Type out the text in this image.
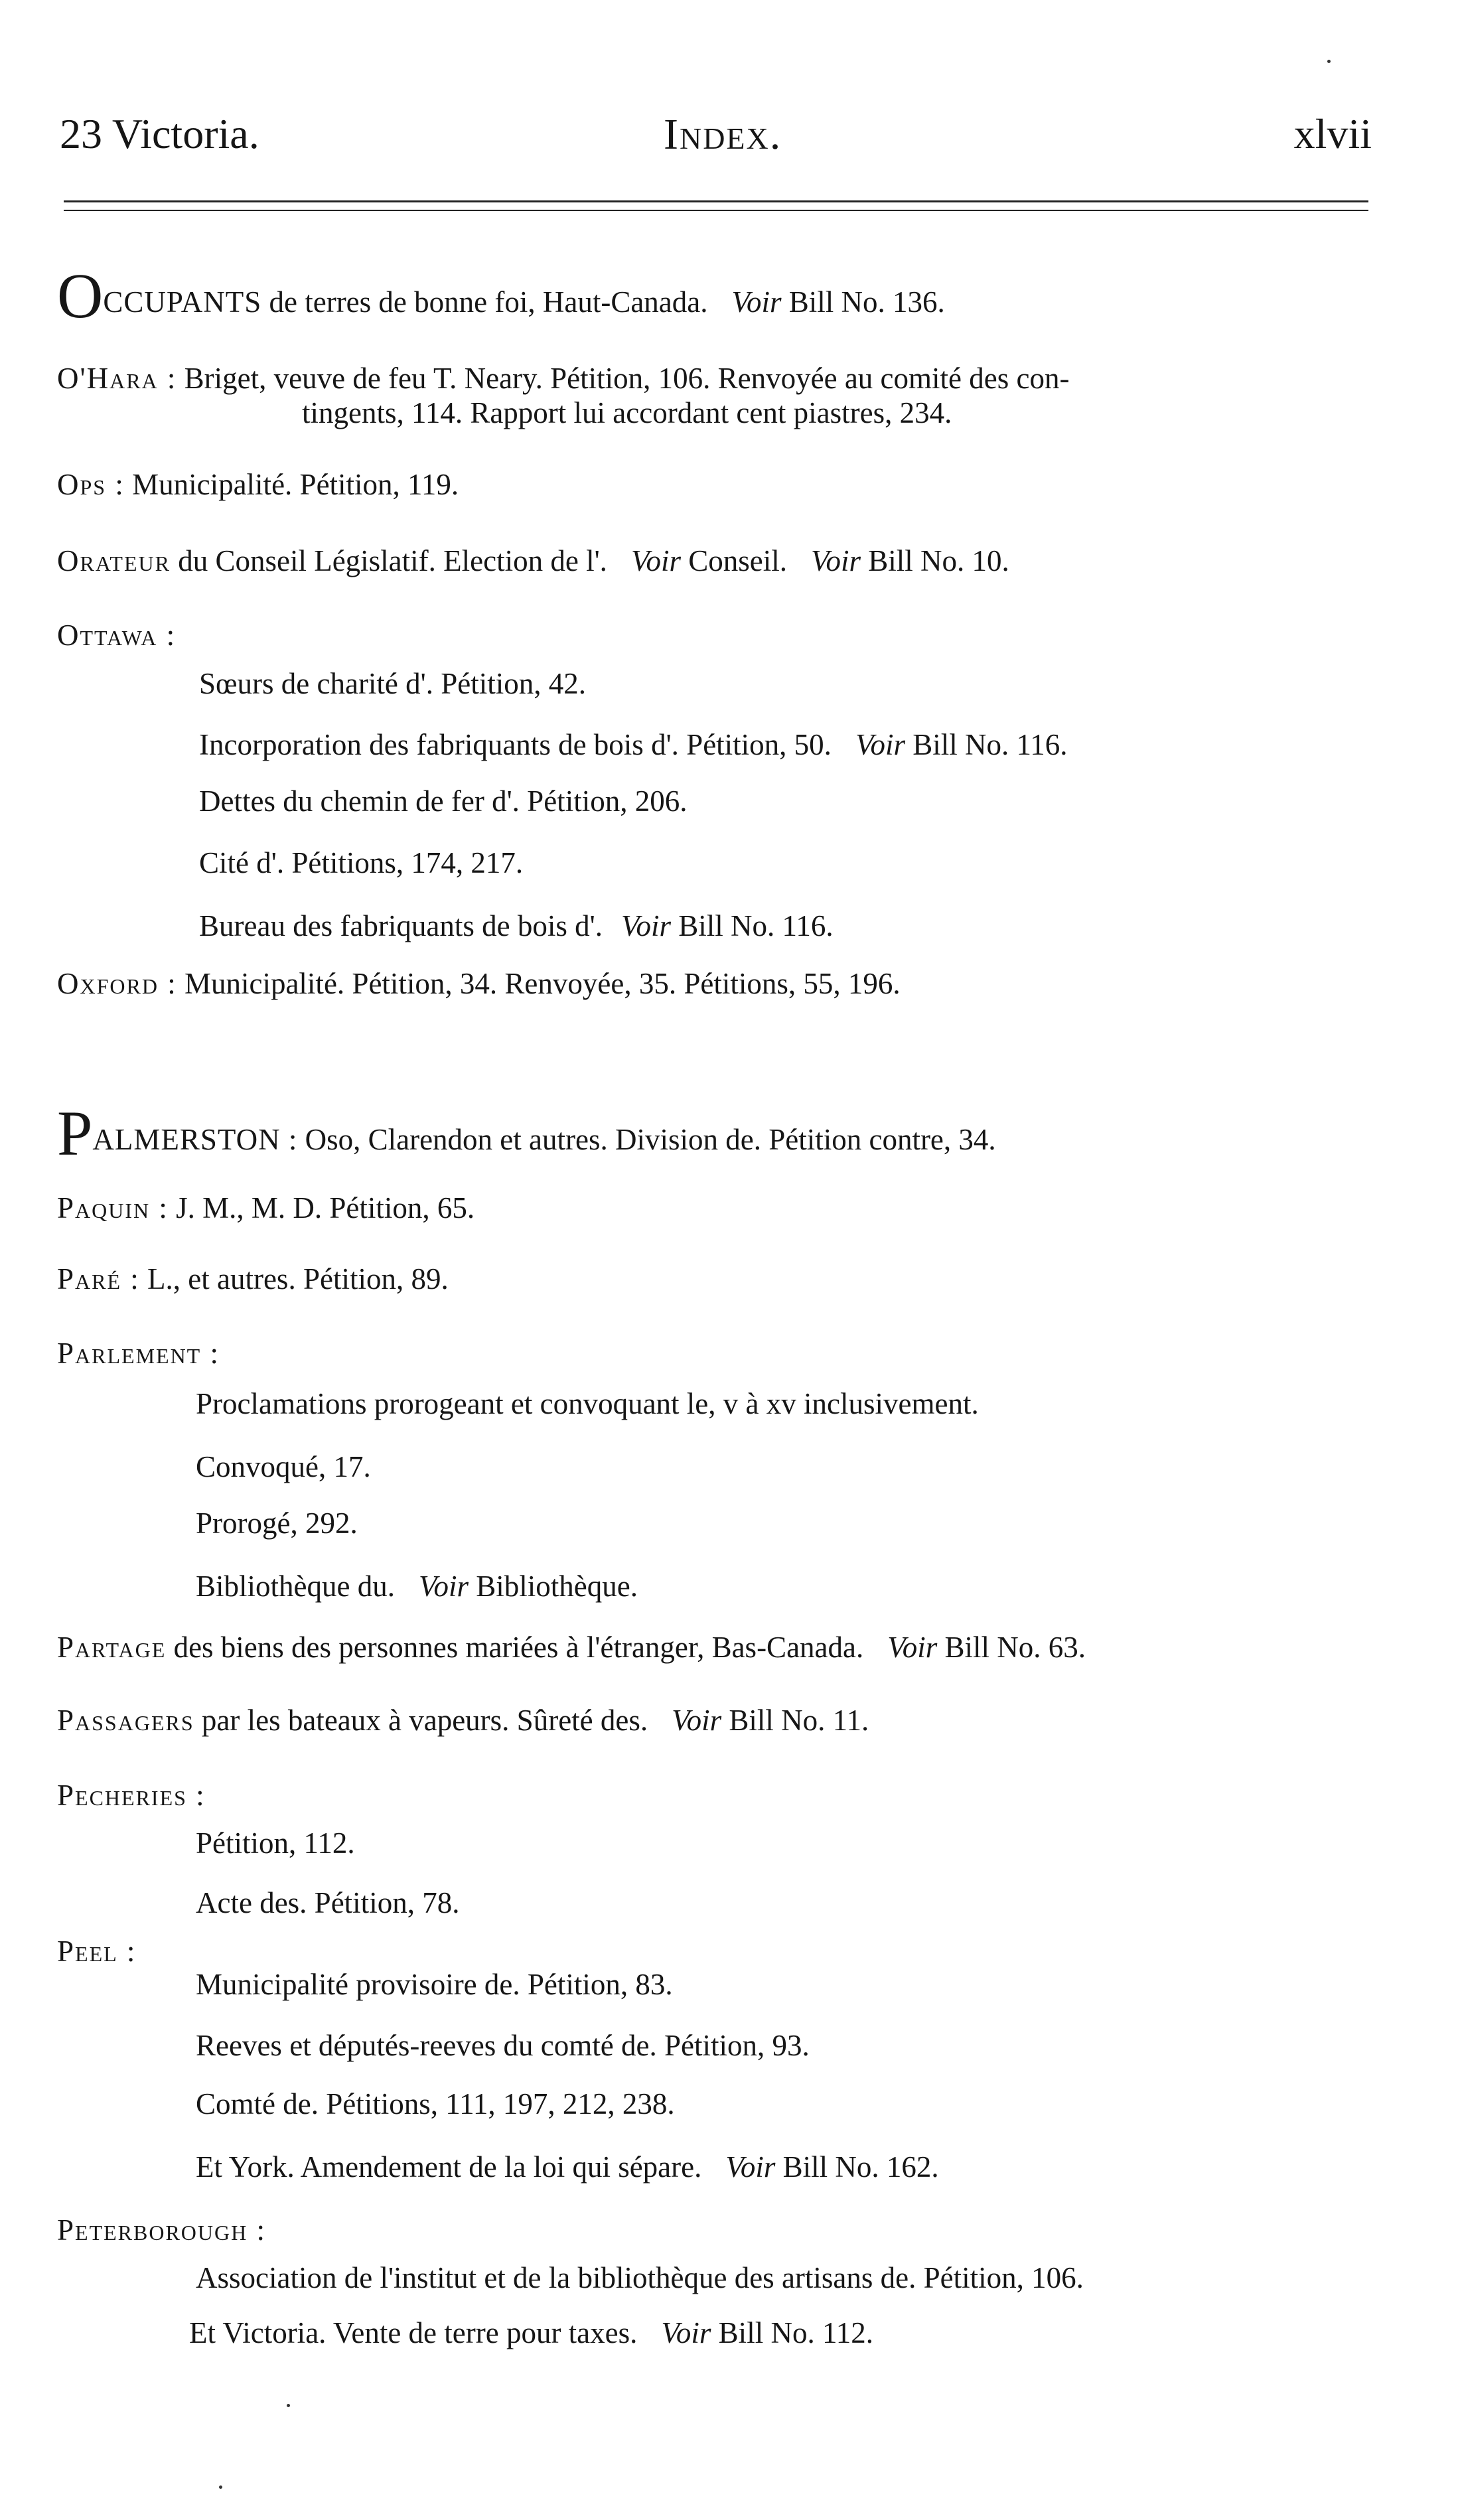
23 Victoria.	Index.	xlvii
OCCUPANTS de terres de bonne foi, Haut-Canada. Voir Bill No. 136.
O'Hara : Briget, veuve de feu T. Neary. Pétition, 106. Renvoyée au comité des con-
tingents, 114. Rapport lui accordant cent piastres, 234.
Ops : Municipalité. Pétition, 119.
Orateur du Conseil Législatif. Election de l'. Voir Conseil. Voir Bill No. 10.
Ottawa :
Sœurs de charité d'. Pétition, 42.
Incorporation des fabriquants de bois d'. Pétition, 50. Voir Bill No. 116.
Dettes du chemin de fer d'. Pétition, 206.
Cité d'. Pétitions, 174, 217.
Bureau des fabriquants de bois d'. Voir Bill No. 116.
Oxford : Municipalité. Pétition, 34. Renvoyée, 35. Pétitions, 55, 196.
PALMERSTON : Oso, Clarendon et autres. Division de. Pétition contre, 34.
Paquin : J. M., M. D. Pétition, 65.
Paré : L., et autres. Pétition, 89.
Parlement :
Proclamations prorogeant et convoquant le, v à xv inclusivement.
Convoqué, 17.
Prorogé, 292.
Bibliothèque du. Voir Bibliothèque.
Partage des biens des personnes mariées à l'étranger, Bas-Canada. Voir Bill No. 63.
Passagers par les bateaux à vapeurs. Sûreté des. Voir Bill No. 11.
Pecheries :
Pétition, 112.
Acte des. Pétition, 78.
Peel :
Municipalité provisoire de. Pétition, 83.
Reeves et députés-reeves du comté de. Pétition, 93.
Comté de. Pétitions, 111, 197, 212, 238.
Et York. Amendement de la loi qui sépare. Voir Bill No. 162.
Peterborough :
Association de l'institut et de la bibliothèque des artisans de. Pétition, 106.
Et Victoria. Vente de terre pour taxes. Voir Bill No. 112.
